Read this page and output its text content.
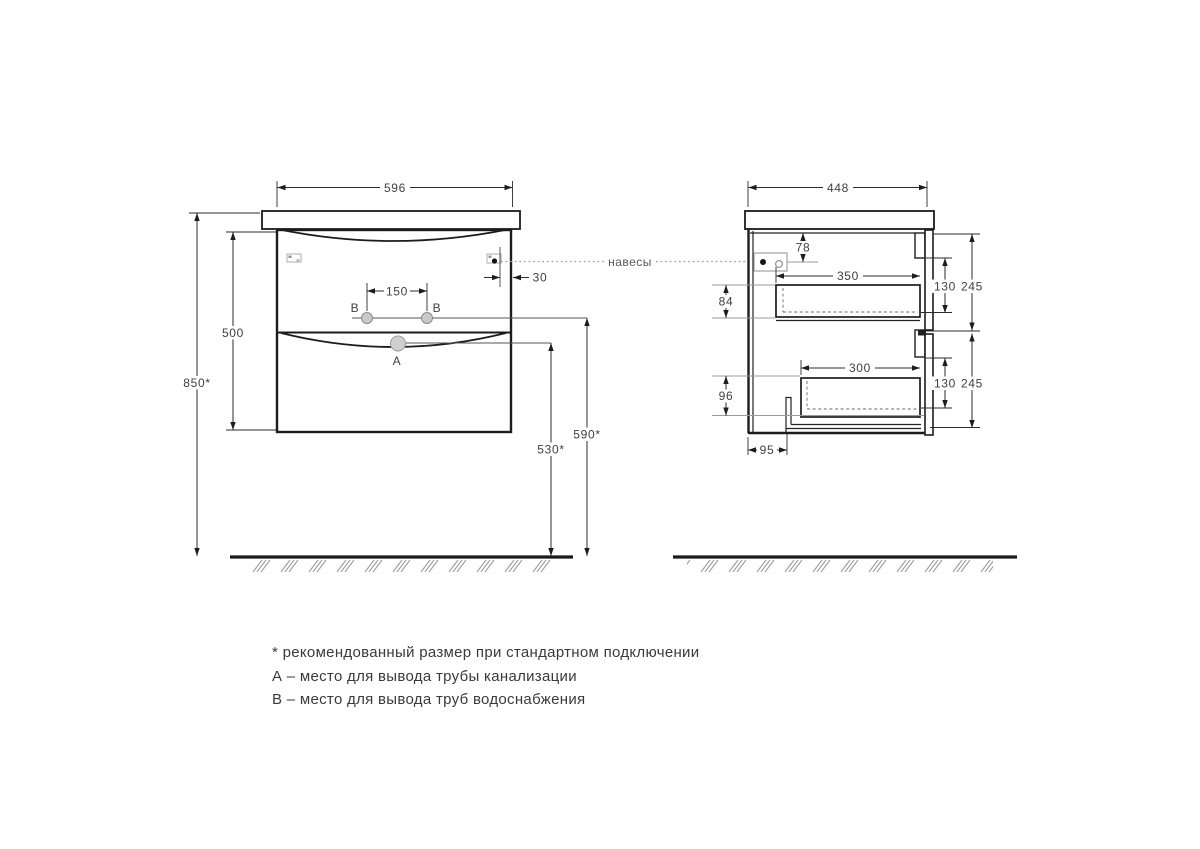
596
30
150
В	В
А
500
850*
530*
590*
навесы
448
78
350
84
130 245
300
96
130 245
95
* рекомендованный размер при стандартном подключении
А – место для вывода трубы канализации
В – место для вывода труб водоснабжения
